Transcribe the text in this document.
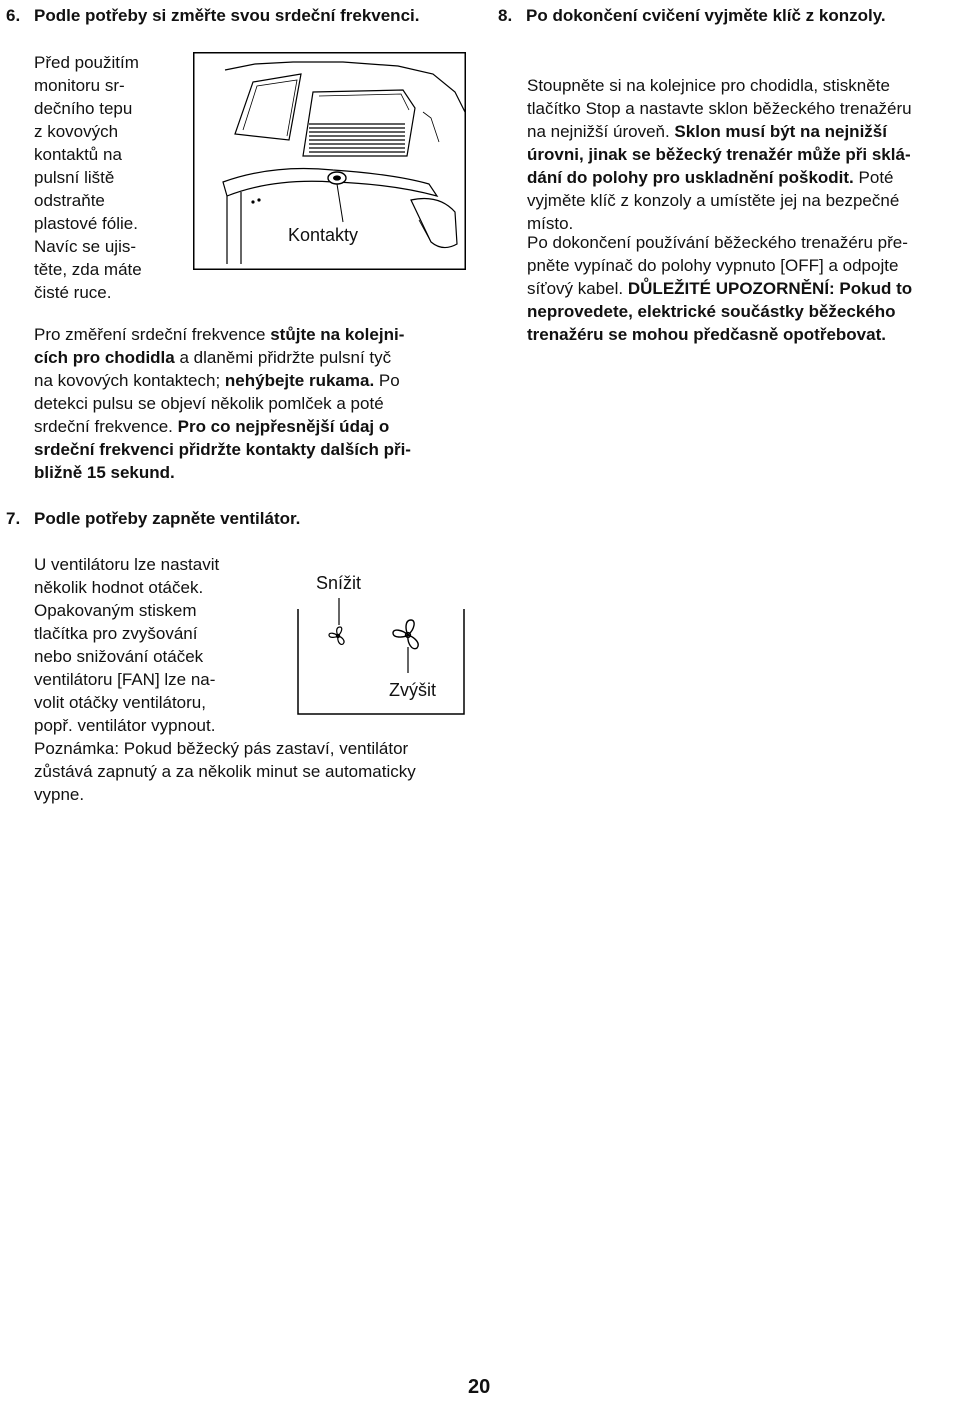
6. Podle potřeby si změřte svou srdeční frekvenci.
Před použitím
monitoru sr-
dečního tepu
z kovových
kontaktů na
pulsní liště
odstraňte
plastové fólie.
Navíc se ujis-
těte, zda máte
čisté ruce.
Kontakty
Pro změření srdeční frekvence stůjte na kolejni-
cích pro chodidla a dlaněmi přidržte pulsní tyč
na kovových kontaktech; nehýbejte rukama. Po
detekci pulsu se objeví několik pomlček a poté
srdeční frekvence. Pro co nejpřesnější údaj o
srdeční frekvenci přidržte kontakty dalších při-
bližně 15 sekund.
7. Podle potřeby zapněte ventilátor.
U ventilátoru lze nastavit
několik hodnot otáček.
Opakovaným stiskem
tlačítka pro zvyšování
nebo snižování otáček
ventilátoru [FAN] lze na-
volit otáčky ventilátoru,
popř. ventilátor vypnout.
Poznámka: Pokud běžecký pás zastaví, ventilátor
zůstává zapnutý a za několik minut se automaticky
vypne.
Snížit
Zvýšit
8. Po dokončení cvičení vyjměte klíč z konzoly.
Stoupněte si na kolejnice pro chodidla, stiskněte
tlačítko Stop a nastavte sklon běžeckého trenažéru
na nejnižší úroveň. Sklon musí být na nejnižší
úrovni, jinak se běžecký trenažér může při sklá-
dání do polohy pro uskladnění poškodit. Poté
vyjměte klíč z konzoly a umístěte jej na bezpečné
místo.
Po dokončení používání běžeckého trenažéru pře-
pněte vypínač do polohy vypnuto [OFF] a odpojte
síťový kabel. DŮLEŽITÉ UPOZORNĚNÍ: Pokud to
neprovedete, elektrické součástky běžeckého
trenažéru se mohou předčasně opotřebovat.
20
